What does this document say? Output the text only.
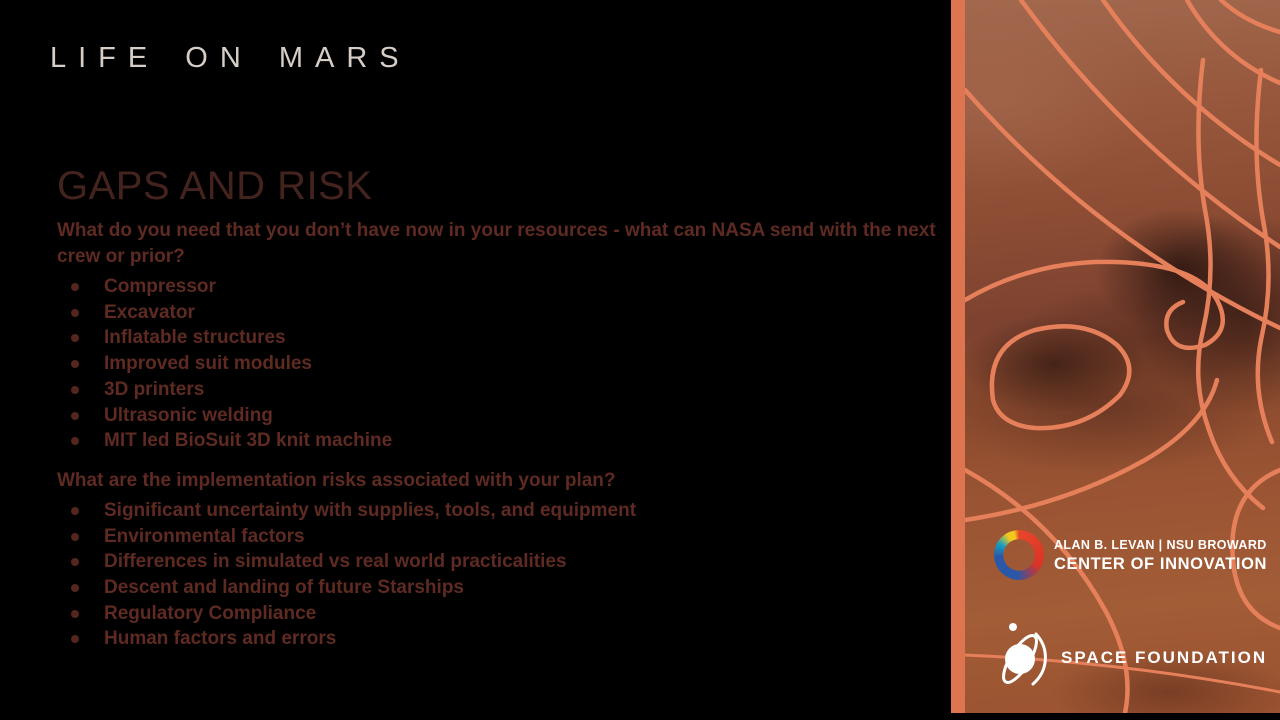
LIFE ON MARS
GAPS AND RISK
What do you need that you don’t have now in your resources - what can NASA send with the next crew or prior?
Compressor
Excavator
Inflatable structures
Improved suit modules
3D printers
Ultrasonic welding
MIT led BioSuit 3D knit machine
What are the implementation risks associated with your plan?
Significant uncertainty with supplies, tools, and equipment
Environmental factors
Differences in simulated vs real world practicalities
Descent and landing of future Starships
Regulatory Compliance
Human factors and errors
ALAN B. LEVAN | NSU BROWARD
CENTER OF INNOVATION
SPACE FOUNDATION
